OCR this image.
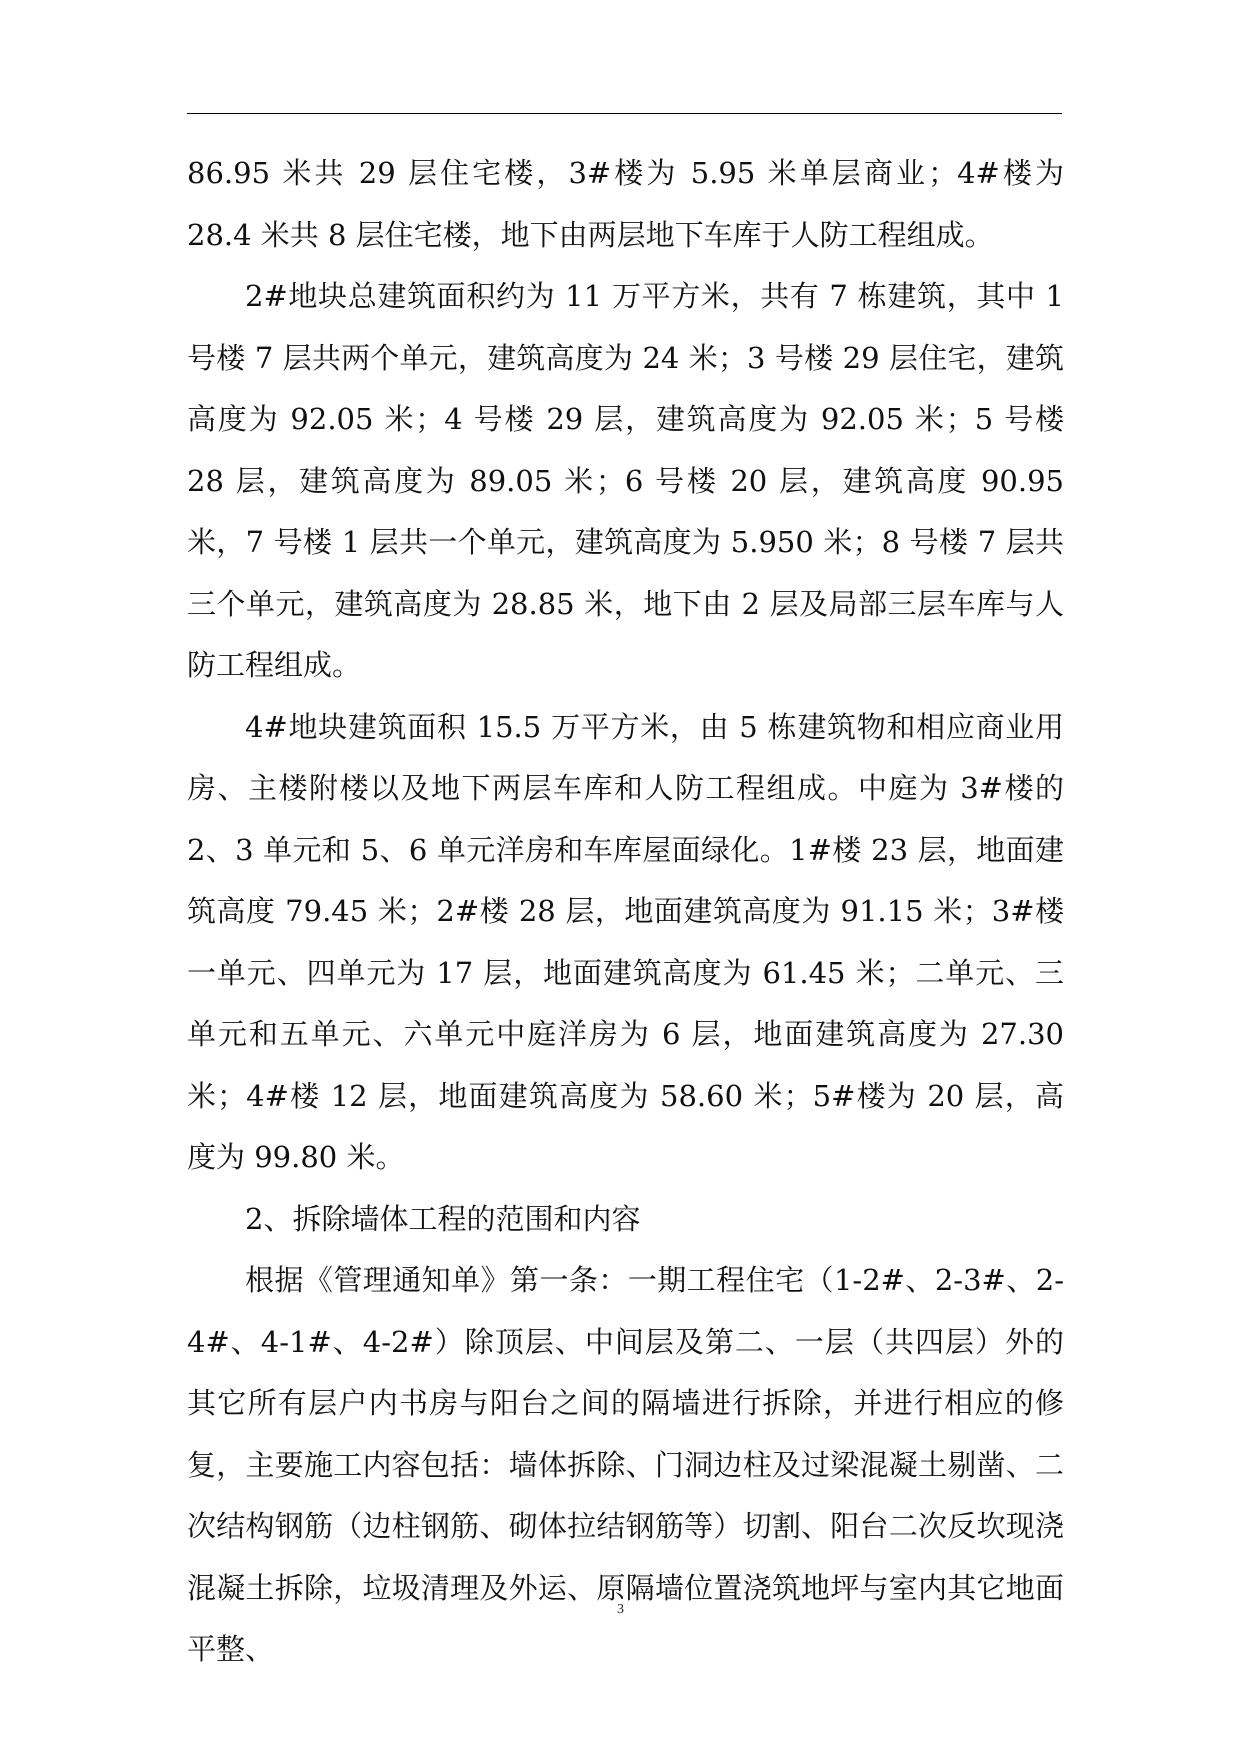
86.95 米共 29 层住宅楼，3#楼为 5.95 米单层商业；4#楼为 28.4 米共 8 层住宅楼，地下由两层地下车库于人防工程组成。

2#地块总建筑面积约为 11 万平方米，共有 7 栋建筑，其中 1 号楼 7 层共两个单元，建筑高度为 24 米；3 号楼 29 层住宅，建筑高度为 92.05 米；4 号楼 29 层，建筑高度为 92.05 米；5 号楼 28 层，建筑高度为 89.05 米；6 号楼 20 层，建筑高度 90.95 米，7 号楼 1 层共一个单元，建筑高度为 5.950 米；8 号楼 7 层共三个单元，建筑高度为 28.85 米，地下由 2 层及局部三层车库与人防工程组成。

4#地块建筑面积 15.5 万平方米，由 5 栋建筑物和相应商业用房、主楼附楼以及地下两层车库和人防工程组成。中庭为 3#楼的 2、3 单元和 5、6 单元洋房和车库屋面绿化。1#楼 23 层，地面建筑高度 79.45 米；2#楼 28 层，地面建筑高度为 91.15 米；3#楼一单元、四单元为 17 层，地面建筑高度为 61.45 米；二单元、三单元和五单元、六单元中庭洋房为 6 层，地面建筑高度为 27.30 米；4#楼 12 层，地面建筑高度为 58.60 米；5#楼为 20 层，高度为 99.80 米。

2、拆除墙体工程的范围和内容

根据《管理通知单》第一条：一期工程住宅（1-2#、2-3#、2-4#、4-1#、4-2#）除顶层、中间层及第二、一层（共四层）外的其它所有层户内书房与阳台之间的隔墙进行拆除，并进行相应的修复，主要施工内容包括：墙体拆除、门洞边柱及过梁混凝土剔凿、二次结构钢筋（边柱钢筋、砌体拉结钢筋等）切割、阳台二次反坎现浇混凝土拆除，垃圾清理及外运、原隔墙位置浇筑地坪与室内其它地面平整、

3
